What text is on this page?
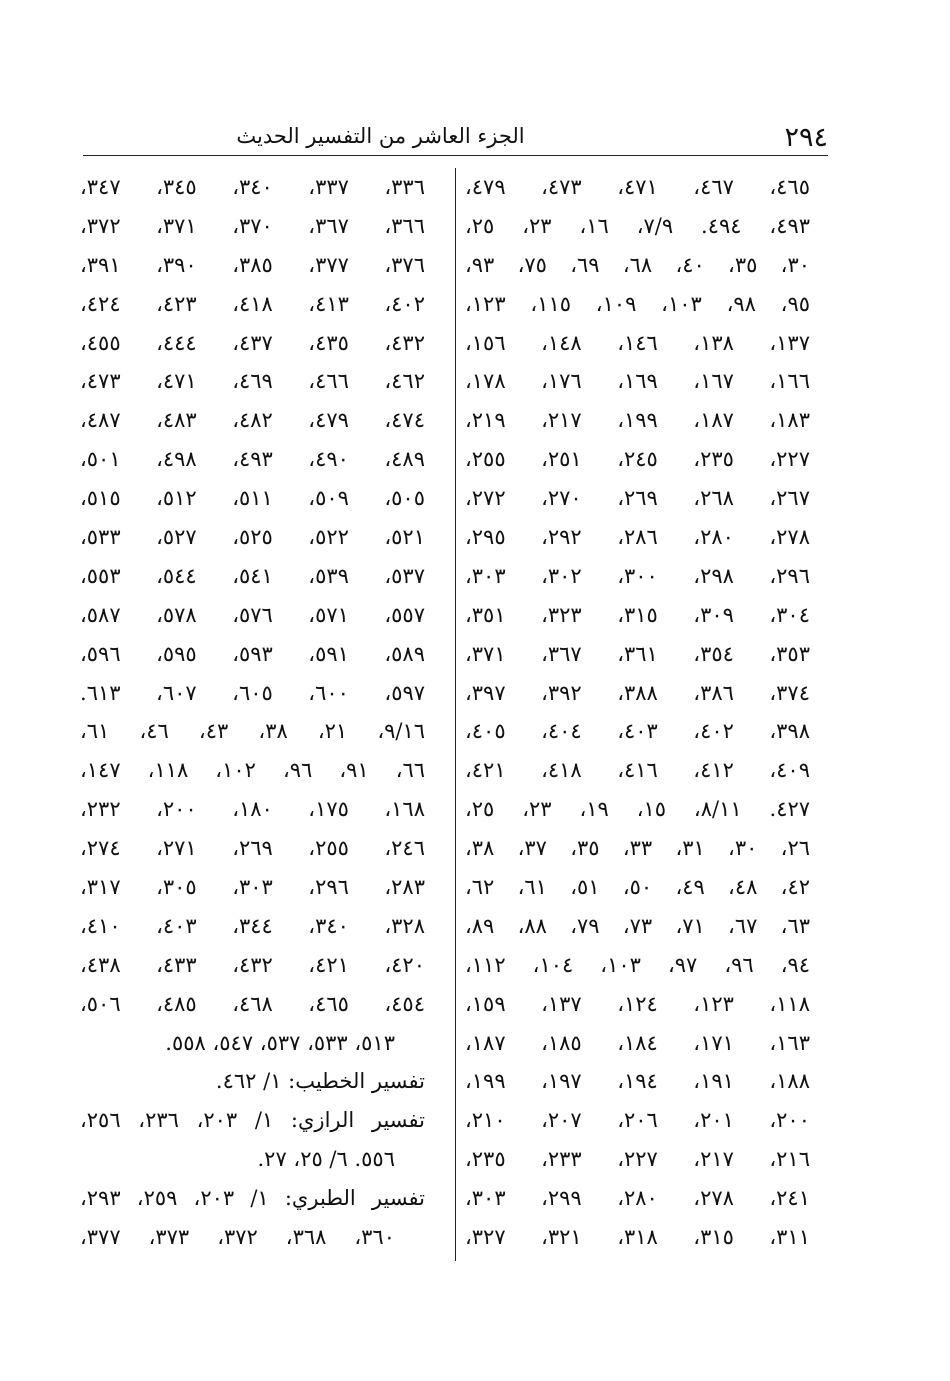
٢٩٤
الجزء العاشر من التفسير الحديث
٤٦٥، ٤٦٧، ٤٧١، ٤٧٣، ٤٧٩،
٤٩٣، ٤٩٤. ٧/٩، ١٦، ٢٣، ٢٥،
٣٠، ٣٥، ٤٠، ٦٨، ٦٩، ٧٥، ٩٣،
٩٥، ٩٨، ١٠٣، ١٠٩، ١١٥، ١٢٣،
١٣٧، ١٣٨، ١٤٦، ١٤٨، ١٥٦،
١٦٦، ١٦٧، ١٦٩، ١٧٦، ١٧٨،
١٨٣، ١٨٧، ١٩٩، ٢١٧، ٢١٩،
٢٢٧، ٢٣٥، ٢٤٥، ٢٥١، ٢٥٥،
٢٦٧، ٢٦٨، ٢٦٩، ٢٧٠، ٢٧٢،
٢٧٨، ٢٨٠، ٢٨٦، ٢٩٢، ٢٩٥،
٢٩٦، ٢٩٨، ٣٠٠، ٣٠٢، ٣٠٣،
٣٠٤، ٣٠٩، ٣١٥، ٣٢٣، ٣٥١،
٣٥٣، ٣٥٤، ٣٦١، ٣٦٧، ٣٧١،
٣٧٤، ٣٨٦، ٣٨٨، ٣٩٢، ٣٩٧،
٣٩٨، ٤٠٢، ٤٠٣، ٤٠٤، ٤٠٥،
٤٠٩، ٤١٢، ٤١٦، ٤١٨، ٤٢١،
٤٢٧. ٨/١١، ١٥، ١٩، ٢٣، ٢٥،
٢٦، ٣٠، ٣١، ٣٣، ٣٥، ٣٧، ٣٨،
٤٢، ٤٨، ٤٩، ٥٠، ٥١، ٦١، ٦٢،
٦٣، ٦٧، ٧١، ٧٣، ٧٩، ٨٨، ٨٩،
٩٤، ٩٦، ٩٧، ١٠٣، ١٠٤، ١١٢،
١١٨، ١٢٣، ١٢٤، ١٣٧، ١٥٩،
١٦٣، ١٧١، ١٨٤، ١٨٥، ١٨٧،
١٨٨، ١٩١، ١٩٤، ١٩٧، ١٩٩،
٢٠٠، ٢٠١، ٢٠٦، ٢٠٧، ٢١٠،
٢١٦، ٢١٧، ٢٢٧، ٢٣٣، ٢٣٥،
٢٤١، ٢٧٨، ٢٨٠، ٢٩٩، ٣٠٣،
٣١١، ٣١٥، ٣١٨، ٣٢١، ٣٢٧،
٣٣٦، ٣٣٧، ٣٤٠، ٣٤٥، ٣٤٧،
٣٦٦، ٣٦٧، ٣٧٠، ٣٧١، ٣٧٢،
٣٧٦، ٣٧٧، ٣٨٥، ٣٩٠، ٣٩١،
٤٠٢، ٤١٣، ٤١٨، ٤٢٣، ٤٢٤،
٤٣٢، ٤٣٥، ٤٣٧، ٤٤٤، ٤٥٥،
٤٦٢، ٤٦٦، ٤٦٩، ٤٧١، ٤٧٣،
٤٧٤، ٤٧٩، ٤٨٢، ٤٨٣، ٤٨٧،
٤٨٩، ٤٩٠، ٤٩٣، ٤٩٨، ٥٠١،
٥٠٥، ٥٠٩، ٥١١، ٥١٢، ٥١٥،
٥٢١، ٥٢٢، ٥٢٥، ٥٢٧، ٥٣٣،
٥٣٧، ٥٣٩، ٥٤١، ٥٤٤، ٥٥٣،
٥٥٧، ٥٧١، ٥٧٦، ٥٧٨، ٥٨٧،
٥٨٩، ٥٩١، ٥٩٣، ٥٩٥، ٥٩٦،
٥٩٧، ٦٠٠، ٦٠٥، ٦٠٧، ٦١٣.
٩/١٦، ٢١، ٣٨، ٤٣، ٤٦، ٦١،
٦٦، ٩١، ٩٦، ١٠٢، ١١٨، ١٤٧،
١٦٨، ١٧٥، ١٨٠، ٢٠٠، ٢٣٢،
٢٤٦، ٢٥٥، ٢٦٩، ٢٧١، ٢٧٤،
٢٨٣، ٢٩٦، ٣٠٣، ٣٠٥، ٣١٧،
٣٢٨، ٣٤٠، ٣٤٤، ٤٠٣، ٤١٠،
٤٢٠، ٤٢١، ٤٣٢، ٤٣٣، ٤٣٨،
٤٥٤، ٤٦٥، ٤٦٨، ٤٨٥، ٥٠٦،
٥١٣، ٥٣٣، ٥٣٧، ٥٤٧، ٥٥٨.
تفسير الخطيب: ١/ ٤٦٢.
تفسير الرازي: ١/ ٢٠٣، ٢٣٦، ٢٥٦،
٥٥٦. ٦/ ٢٥، ٢٧.
تفسير الطبري: ١/ ٢٠٣، ٢٥٩، ٢٩٣،
٣٦٠، ٣٦٨، ٣٧٢، ٣٧٣، ٣٧٧،
